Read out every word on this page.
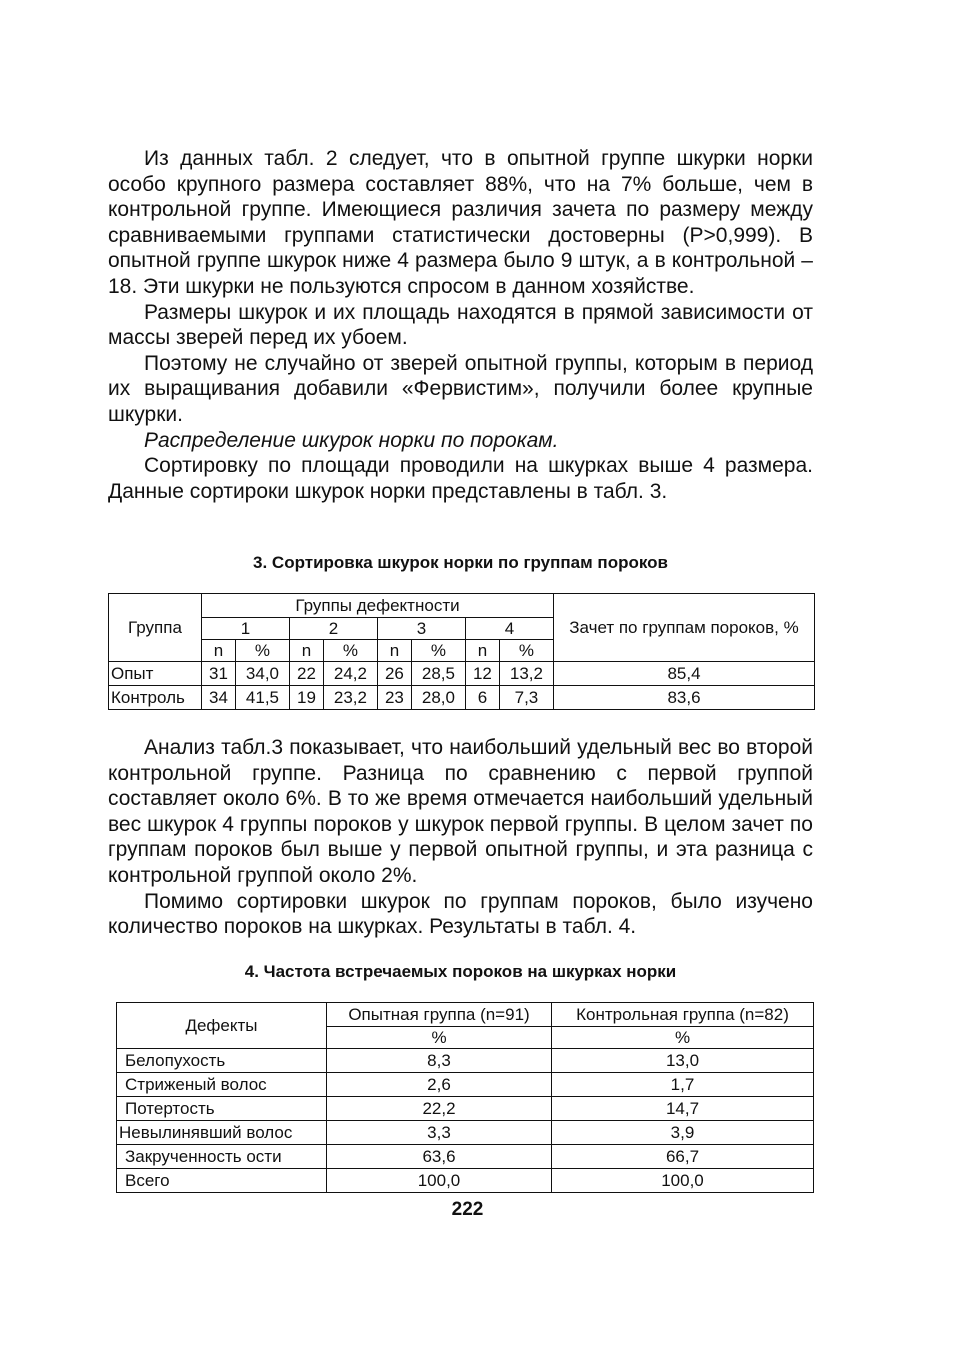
Из данных табл. 2 следует, что в опытной группе шкурки норки особо крупного размера составляет 88%, что на 7% больше, чем в контрольной группе. Имеющиеся различия зачета по размеру между сравниваемыми группами статистически достоверны (Р>0,999). В опытной группе шкурок ниже 4 размера было 9 штук, а в контрольной – 18. Эти шкурки не пользуются спросом в данном хозяйстве.

Размеры шкурок и их площадь находятся в прямой зависимости от массы зверей перед их убоем.

Поэтому не случайно от зверей опытной группы, которым в период их выращивания добавили «Фервистим», получили более крупные шкурки.

Распределение шкурок норки по порокам.

Сортировку по площади проводили на шкурках выше 4 размера. Данные сортироки шкурок норки представлены в табл. 3.

3. Сортировка шкурок норки по группам пороков
Группа	Группы дефектности								Зачет по группам пороков, %
	1		2		3		4		
	n	%	n	%	n	%	n	%	
Опыт	31	34,0	22	24,2	26	28,5	12	13,2	85,4
Контроль	34	41,5	19	23,2	23	28,0	6	7,3	83,6

Анализ табл.3 показывает, что наибольший удельный вес во второй контрольной группе. Разница по сравнению с первой группой составляет около 6%. В то же время отмечается наибольший удельный вес шкурок 4 группы пороков у шкурок первой группы. В целом зачет по группам пороков был выше у первой опытной группы, и эта разница с контрольной группой около 2%.

Помимо сортировки шкурок по группам пороков, было изучено количество пороков на шкурках. Результаты в табл. 4.

4. Частота встречаемых пороков на шкурках норки
Дефекты	Опытная группа (n=91)	Контрольная группа (n=82)
	%	%
Белопухость	8,3	13,0
Стриженый волос	2,6	1,7
Потертость	22,2	14,7
Невылинявший волос	3,3	3,9
Закрученность ости	63,6	66,7
Всего	100,0	100,0
222
